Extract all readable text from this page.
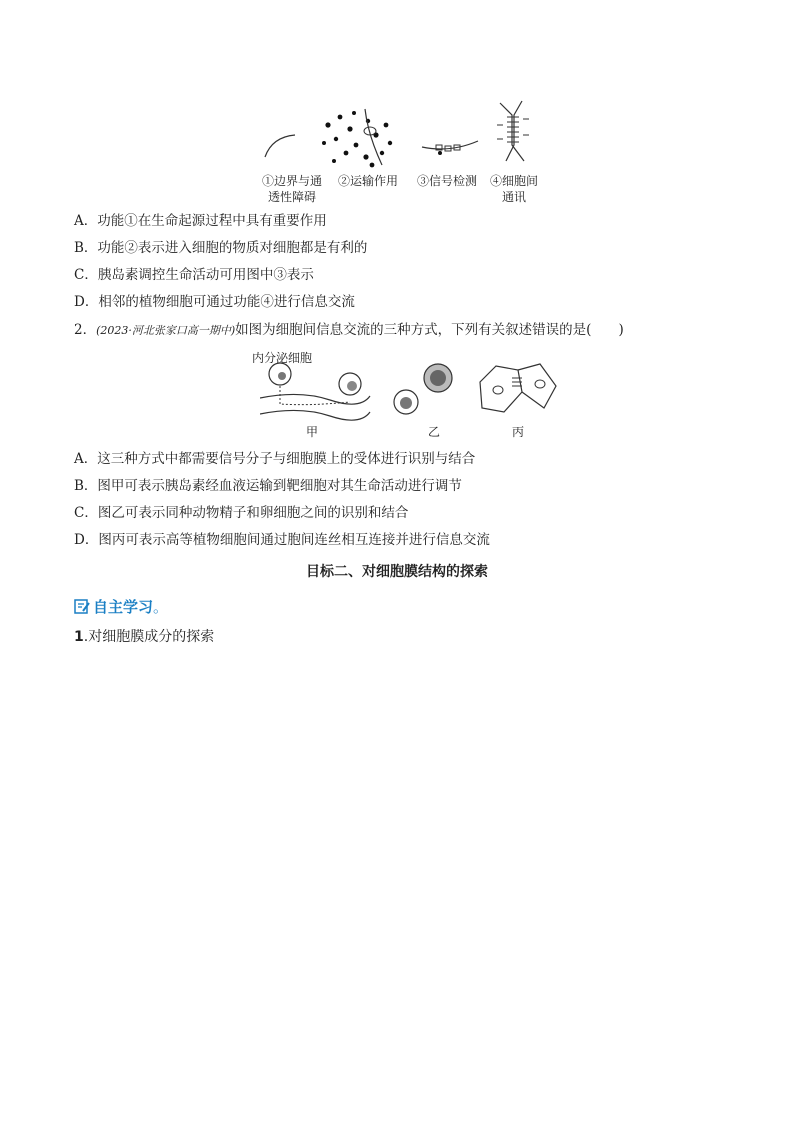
①边界与通
透性障碍
②运输作用	③信号检测	④细胞间
通讯
A．功能①在生命起源过程中具有重要作用
B．功能②表示进入细胞的物质对细胞都是有利的
C．胰岛素调控生命活动可用图中③表示
D．相邻的植物细胞可通过功能④进行信息交流
2．(2023·河北张家口高一期中)如图为细胞间信息交流的三种方式，下列有关叙述错误的是(　　)
内分泌细胞
甲	乙	丙
A．这三种方式中都需要信号分子与细胞膜上的受体进行识别与结合
B．图甲可表示胰岛素经血液运输到靶细胞对其生命活动进行调节
C．图乙可表示同种动物精子和卵细胞之间的识别和结合
D．图丙可表示高等植物细胞间通过胞间连丝相互连接并进行信息交流
目标二、对细胞膜结构的探索
自主学习。
1.对细胞膜成分的探索
